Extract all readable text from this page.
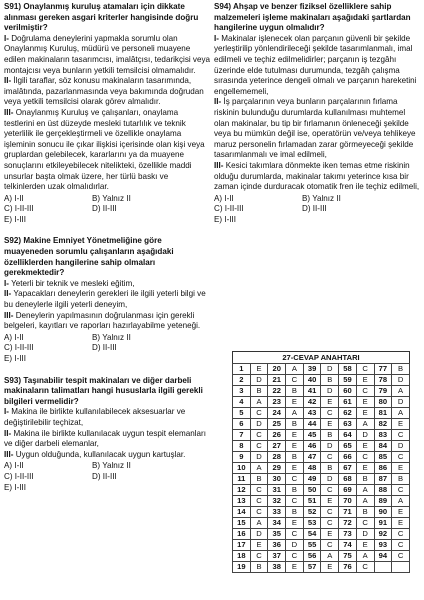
S91) Onaylanmış kuruluş atamaları için dikkate alınması gereken asgari kriterler hangisinde doğru verilmiştir?

I- Doğrulama deneylerini yapmakla sorumlu olan Onaylanmış Kuruluş, müdürü ve personeli muayene edilen makinaların tasarımcısı, imalâtçısı, tedarikçisi veya montajcısı veya bunların yetkili temsilcisi olmamalıdır.

II- İlgili taraflar, söz konusu makinaların tasarımında, imalâtında, pazarlanmasında veya bakımında doğrudan veya yetkili temsilcisi olarak görev almalıdır.

III- Onaylanmış Kuruluş ve çalışanları, onaylama testlerini en üst düzeyde mesleki tutarlılık ve teknik yeterlilik ile gerçekleştirmeli ve özellikle onaylama işleminin sonucu ile çıkar ilişkisi içerisinde olan kişi veya gruplardan gelebilecek, kararlarını ya da muayene sonuçlarını etkileyebilecek nitelikteki, özellikle maddi unsurlar başta olmak üzere, her türlü baskı ve telkinlerden uzak olmalıdırlar.

A) I-II	B) Yalnız II
C) I-II-III	D) II-III
E) I-III
S92) Makine Emniyet Yönetmeliğine göre muayeneden sorumlu çalışanların aşağıdaki özelliklerden hangilerine sahip olmaları gerekmektedir?

I- Yeterli bir teknik ve mesleki eğitim,

II- Yapacakları deneylerin gerekleri ile ilgili yeterli bilgi ve bu deneylerle ilgili yeterli deneyim,

III- Deneylerin yapılmasının doğrulanması için gerekli belgeleri, kayıtları ve raporları hazırlayabilme yeteneği.

A) I-II	B) Yalnız II
C) I-II-III	D) II-III
E) I-III
S93) Taşınabilir tespit makinaları ve diğer darbeli makinaların talimatları hangi hususlarla ilgili gerekli bilgileri vermelidir?

I- Makina ile birlikte kullanılabilecek aksesuarlar ve değiştirilebilir teçhizat,

II- Makina ile birlikte kullanılacak uygun tespit elemanları ve diğer darbeli elemanlar,

III- Uygun olduğunda, kullanılacak uygun kartuşlar.

A) I-II	B) Yalnız II
C) I-II-III	D) II-III
E) I-III
S94) Ahşap ve benzer fiziksel özelliklere sahip malzemeleri işleme makinaları aşağıdaki şartlardan hangilerine uygun olmalıdır?

I- Makinalar işlenecek olan parçanın güvenli bir şekilde yerleştirilip yönlendirileceği şekilde tasarımlanmalı, imal edilmeli ve teçhiz edilmelidirler; parçanın iş tezgâhı üzerinde elde tutulması durumunda, tezgâh çalışma sırasında yeterince dengeli olmalı ve parçanın hareketini engellememeli,

II- İş parçalarının veya bunların parçalarının fırlama riskinin bulunduğu durumlarda kullanılması muhtemel olan makinalar, bu tip bir fırlamanın önleneceği şekilde veya bu mümkün değil ise, operatörün ve/veya tehlikeye maruz personelin fırlamadan zarar görmeyeceği şekilde tasarımlanmalı ve imal edilmeli,

III- Kesici takımlara dönmekte iken temas etme riskinin olduğu durumlarda, makinalar takımı yeterince kısa bir zaman içinde durduracak otomatik fren ile teçhiz edilmeli,

A) I-II	B) Yalnız II
C) I-II-III	D) II-III
E) I-III
27-CEVAP ANAHTARI
1	E	20	A	39	D	58	C	77	B
2	D	21	C	40	B	59	E	78	D
3	B	22	B	41	D	60	C	79	A
4	A	23	E	42	E	61	E	80	D
5	C	24	A	43	C	62	E	81	A
6	D	25	B	44	E	63	A	82	E
7	C	26	E	45	B	64	D	83	C
8	C	27	E	46	D	65	E	84	D
9	D	28	B	47	C	66	C	85	C
10	A	29	E	48	B	67	E	86	E
11	B	30	C	49	D	68	B	87	B
12	C	31	B	50	C	69	A	88	C
13	C	32	C	51	E	70	A	89	A
14	C	33	B	52	C	71	B	90	E
15	A	34	E	53	C	72	C	91	E
16	D	35	C	54	E	73	D	92	C
17	E	36	D	55	C	74	E	93	C
18	C	37	C	56	A	75	A	94	C
19	B	38	E	57	E	76	C		
